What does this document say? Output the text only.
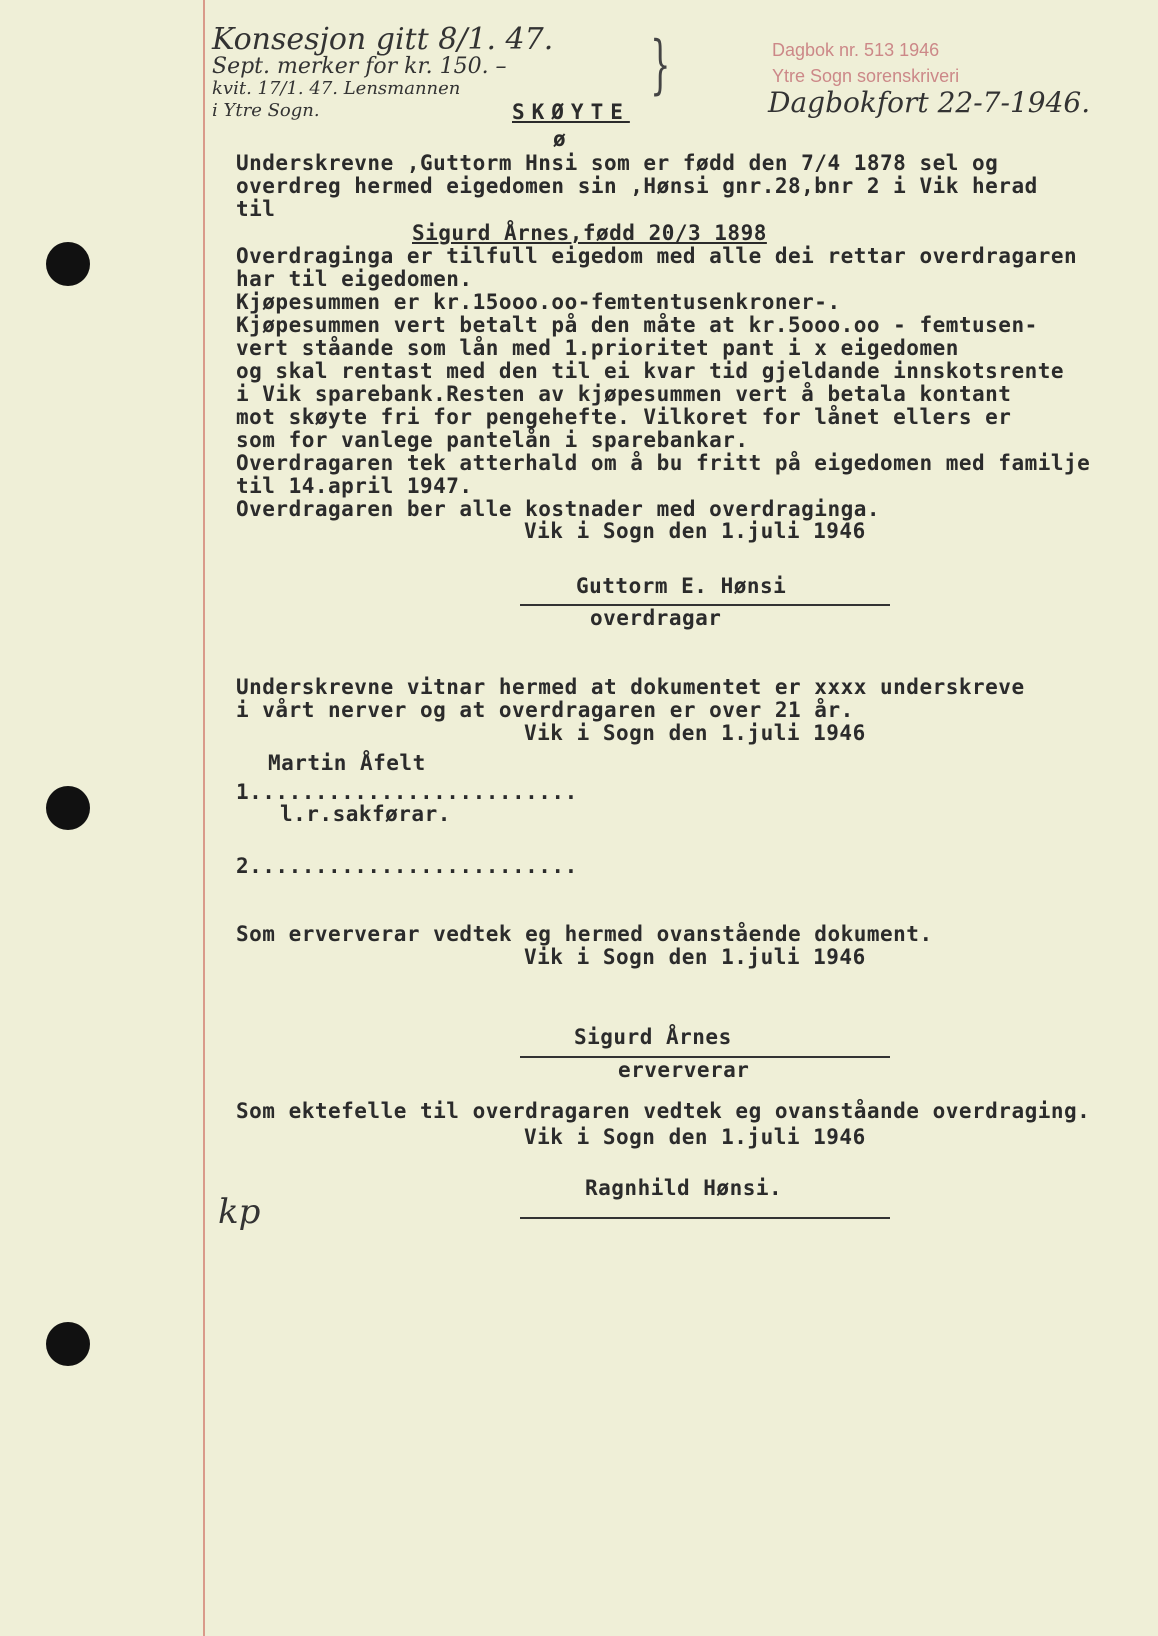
Konsesjon gitt 8/1. 47.
Sept. merker for kr. 150. –
kvit. 17/1. 47. Lensmannen
i Ytre Sogn.
}	Dagbok nr. 513 1946
Ytre Sogn sorenskriveri
Dagbokfort 22-7-1946.
SKØYTE
ø
Underskrevne ,Guttorm Hnsi som er fødd den 7/4 1878 sel og
overdreg hermed eigedomen sin ,Hønsi gnr.28,bnr 2 i Vik herad
til
Sigurd Årnes,fødd 20/3 1898
Overdraginga er tilfull eigedom med alle dei rettar overdragaren
har til eigedomen.
Kjøpesummen er kr.15ooo.oo-femtentusenkroner-.
Kjøpesummen vert betalt på den måte at kr.5ooo.oo - femtusen-
vert ståande som lån med 1.prioritet pant i x eigedomen
og skal rentast med den til ei kvar tid gjeldande innskotsrente
i Vik sparebank.Resten av kjøpesummen vert å betala kontant
mot skøyte fri for pengehefte. Vilkoret for lånet ellers er
som for vanlege pantelån i sparebankar.
Overdragaren tek atterhald om å bu fritt på eigedomen med familje
til 14.april 1947.
Overdragaren ber alle kostnader med overdraginga.
Vik i Sogn den 1.juli 1946
Guttorm E. Hønsi
overdragar
Underskrevne vitnar hermed at dokumentet er xxxx underskreve
i vårt nerver og at overdragaren er over 21 år.
Vik i Sogn den 1.juli 1946
Martin Åfelt
1.........................
l.r.sakførar.
2.........................
Som erververar vedtek eg hermed ovanstående dokument.
Vik i Sogn den 1.juli 1946
Sigurd Årnes
erververar
Som ektefelle til overdragaren vedtek eg ovanståande overdraging.
Vik i Sogn den 1.juli 1946
Ragnhild Hønsi.
kp
